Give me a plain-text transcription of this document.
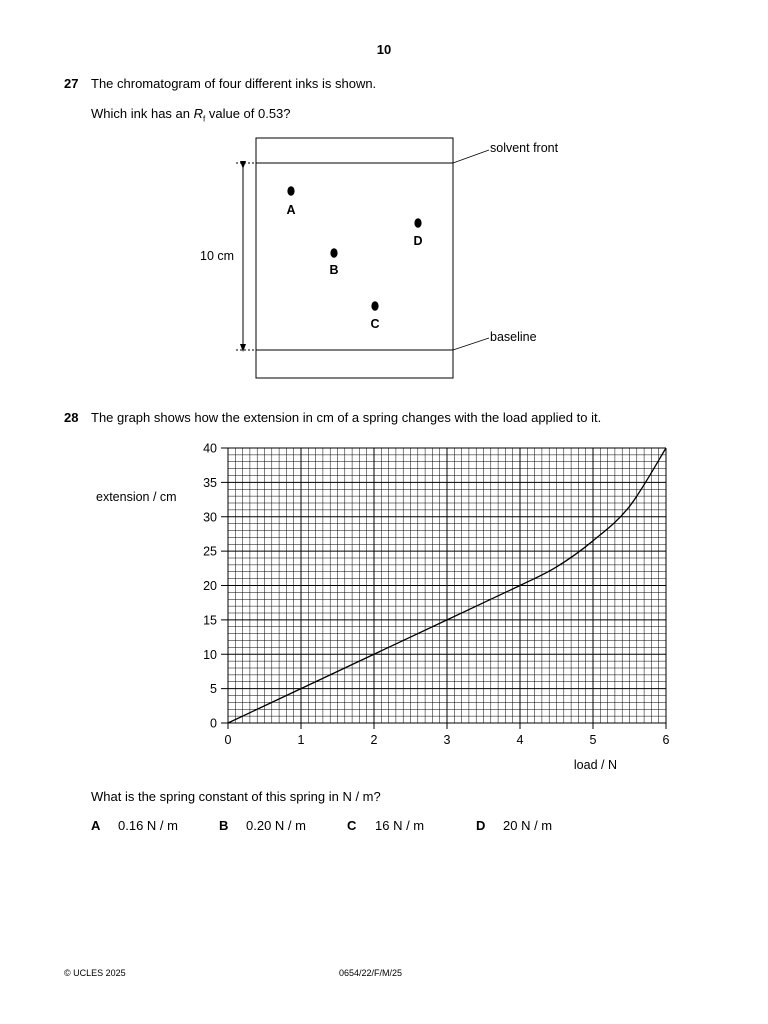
10
27 The chromatogram of four different inks is shown.
Which ink has an $R_f$ value of 0.53?
10 cm
solvent front
baseline
A
B
C
D
28 The graph shows how the extension in cm of a spring changes with the load applied to it.
0
5
10
15
20
25
30
35
40
0	1	2	3	4	5	6
extension / cm
load / N
What is the spring constant of this spring in N / m?
A 0.16 N / m	B 0.20 N / m	C 16 N / m	D 20 N / m
© UCLES 2025	0654/22/F/M/25
